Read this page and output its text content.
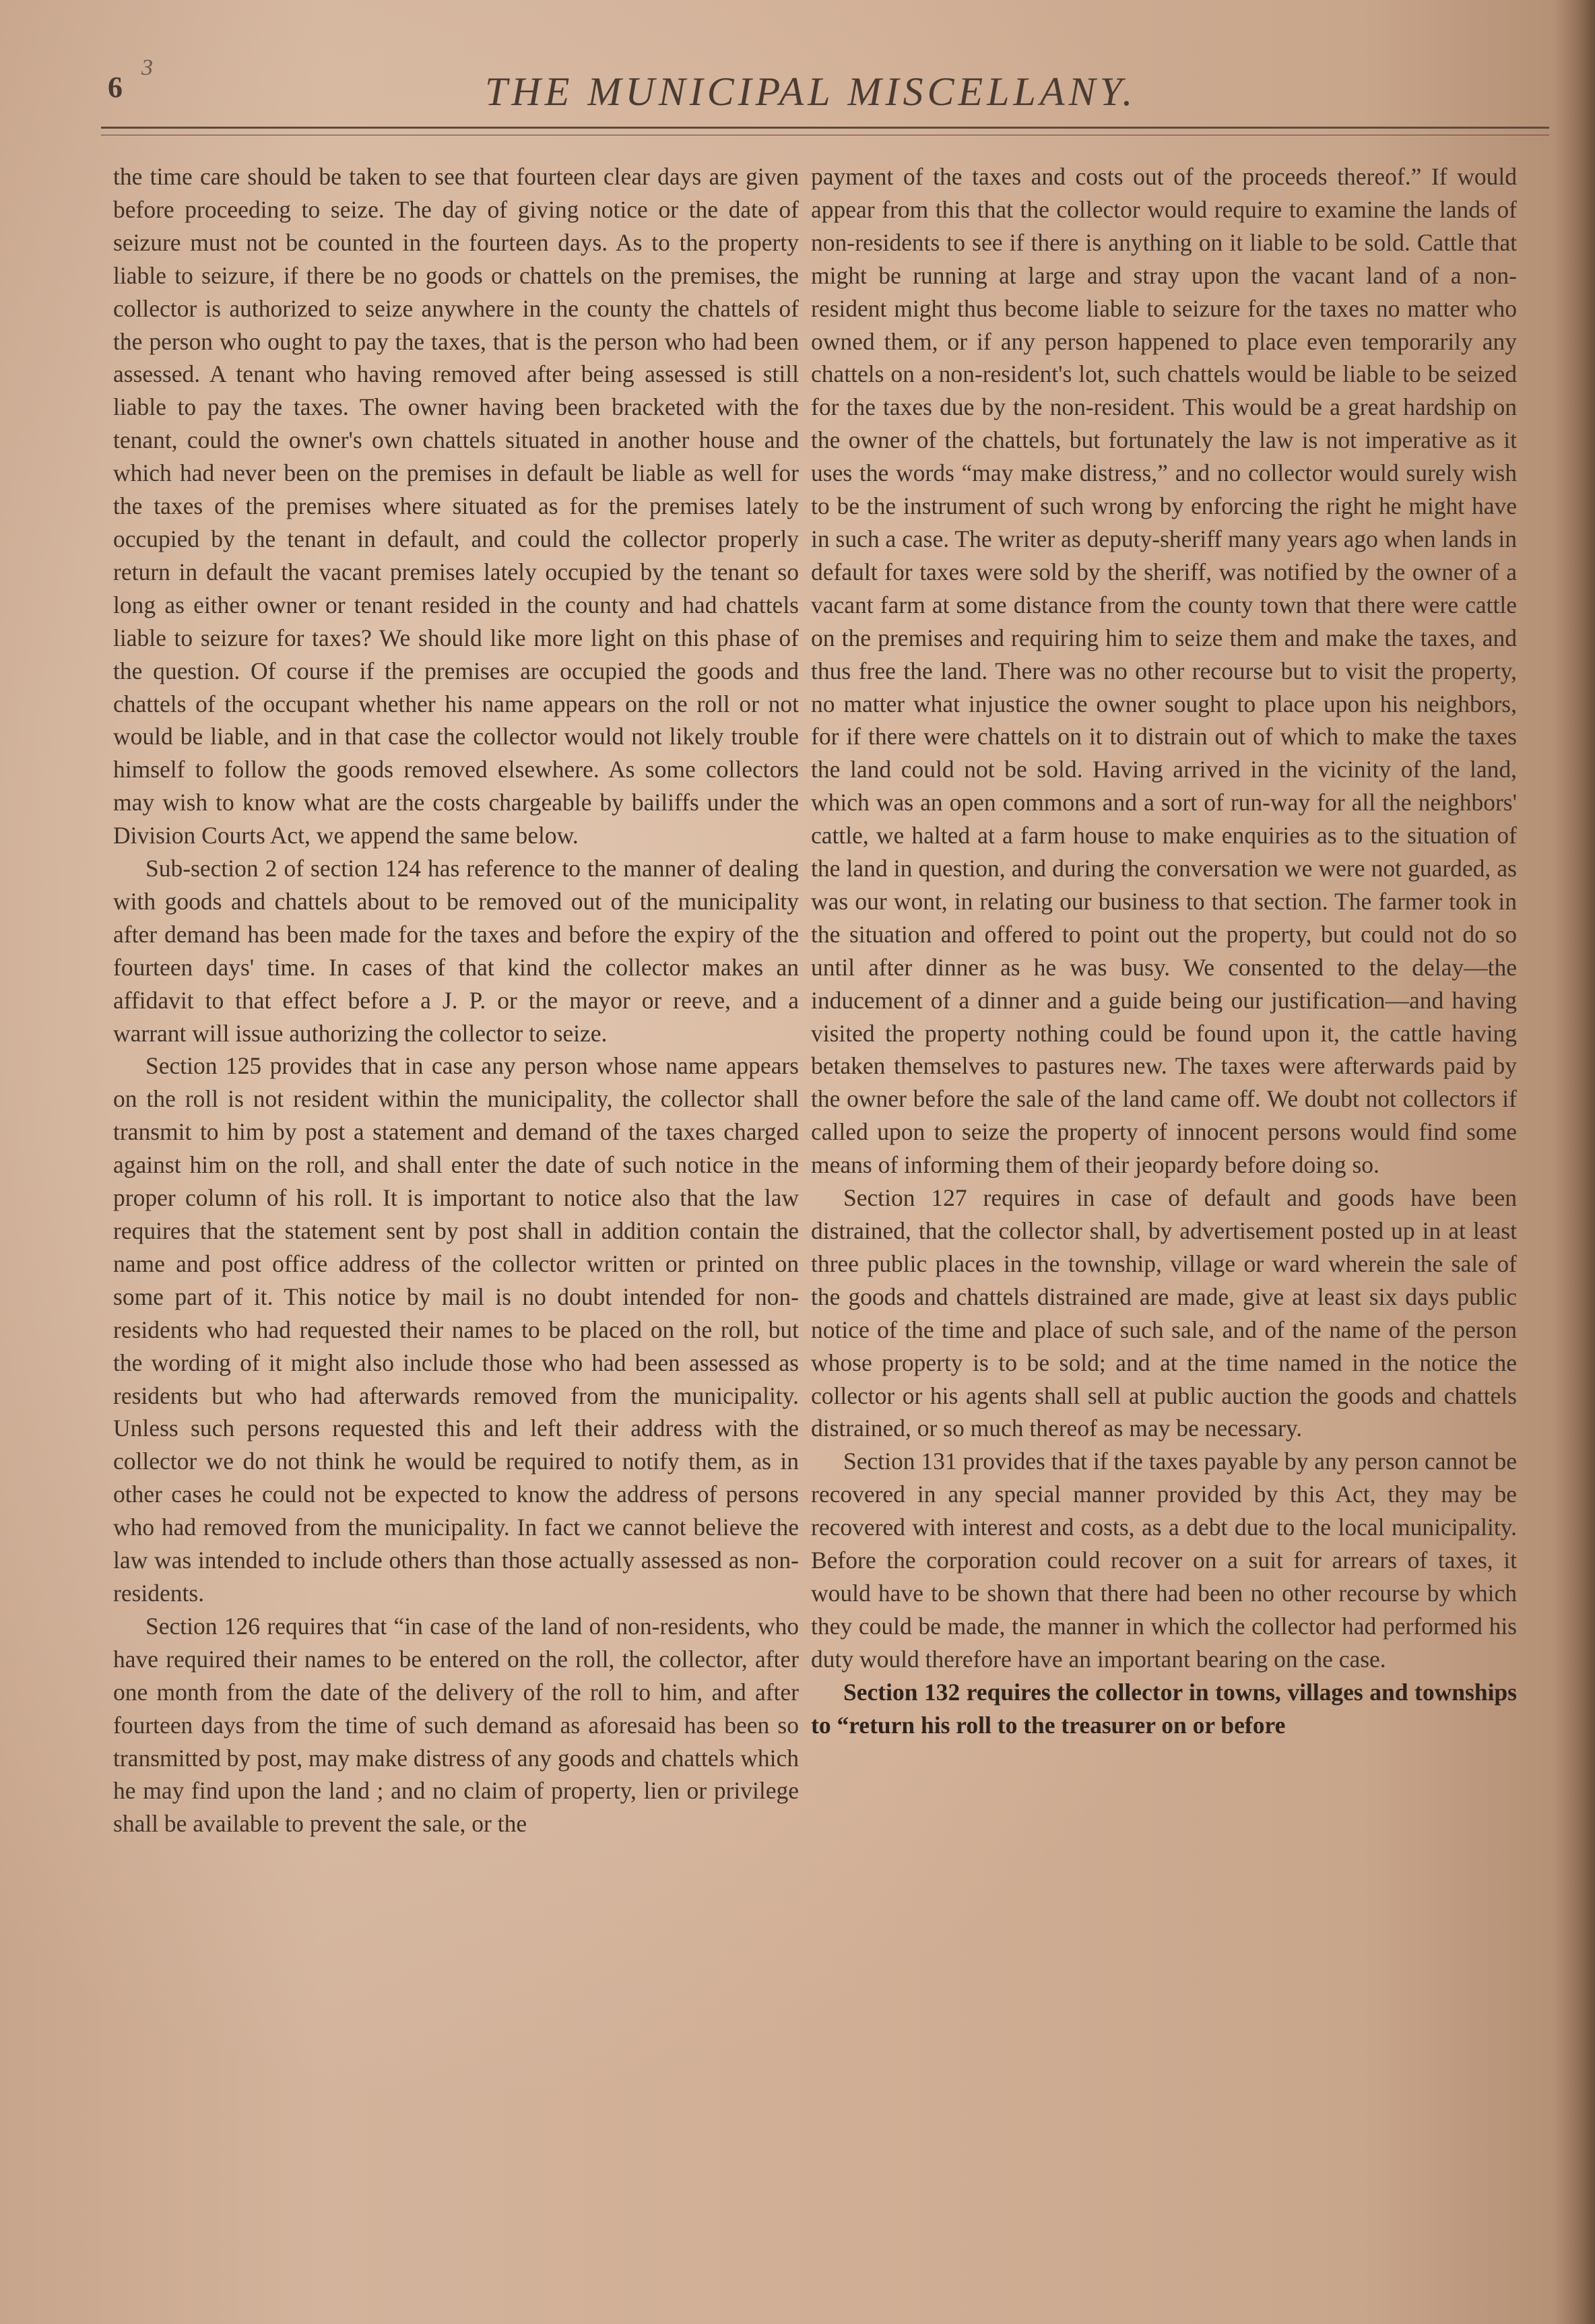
6
3
THE MUNICIPAL MISCELLANY.

the time care should be taken to see that fourteen clear days are given before proceeding to seize. The day of giving notice or the date of seizure must not be counted in the fourteen days. As to the property liable to seizure, if there be no goods or chattels on the premises, the collector is authorized to seize anywhere in the county the chattels of the person who ought to pay the taxes, that is the person who had been assessed. A tenant who having removed after being assessed is still liable to pay the taxes. The owner having been bracketed with the tenant, could the owner's own chattels situated in another house and which had never been on the premises in default be liable as well for the taxes of the premises where situated as for the premises lately occupied by the tenant in default, and could the collector properly return in default the vacant premises lately occupied by the tenant so long as either owner or tenant resided in the county and had chattels liable to seizure for taxes? We should like more light on this phase of the question. Of course if the premises are occupied the goods and chattels of the occupant whether his name appears on the roll or not would be liable, and in that case the collector would not likely trouble himself to follow the goods removed elsewhere. As some collectors may wish to know what are the costs chargeable by bailiffs under the Division Courts Act, we append the same below.

Sub-section 2 of section 124 has reference to the manner of dealing with goods and chattels about to be removed out of the municipality after demand has been made for the taxes and before the expiry of the fourteen days' time. In cases of that kind the collector makes an affidavit to that effect before a J. P. or the mayor or reeve, and a warrant will issue authorizing the collector to seize.

Section 125 provides that in case any person whose name appears on the roll is not resident within the municipality, the collector shall transmit to him by post a statement and demand of the taxes charged against him on the roll, and shall enter the date of such notice in the proper column of his roll. It is important to notice also that the law requires that the statement sent by post shall in addition contain the name and post office address of the collector written or printed on some part of it. This notice by mail is no doubt intended for non-residents who had requested their names to be placed on the roll, but the wording of it might also include those who had been assessed as residents but who had afterwards removed from the municipality. Unless such persons requested this and left their address with the collector we do not think he would be required to notify them, as in other cases he could not be expected to know the address of persons who had removed from the municipality. In fact we cannot believe the law was intended to include others than those actually assessed as non-residents.

Section 126 requires that “in case of the land of non-residents, who have required their names to be entered on the roll, the collector, after one month from the date of the delivery of the roll to him, and after fourteen days from the time of such demand as aforesaid has been so transmitted by post, may make distress of any goods and chattels which he may find upon the land ; and no claim of property, lien or privilege shall be available to prevent the sale, or the

payment of the taxes and costs out of the proceeds thereof.” If would appear from this that the collector would require to examine the lands of non-residents to see if there is anything on it liable to be sold. Cattle that might be running at large and stray upon the vacant land of a non-resident might thus become liable to seizure for the taxes no matter who owned them, or if any person happened to place even temporarily any chattels on a non-resident's lot, such chattels would be liable to be seized for the taxes due by the non-resident. This would be a great hardship on the owner of the chattels, but fortunately the law is not imperative as it uses the words “may make distress,” and no collector would surely wish to be the instrument of such wrong by enforcing the right he might have in such a case. The writer as deputy-sheriff many years ago when lands in default for taxes were sold by the sheriff, was notified by the owner of a vacant farm at some distance from the county town that there were cattle on the premises and requiring him to seize them and make the taxes, and thus free the land. There was no other recourse but to visit the property, no matter what injustice the owner sought to place upon his neighbors, for if there were chattels on it to distrain out of which to make the taxes the land could not be sold. Having arrived in the vicinity of the land, which was an open commons and a sort of run-way for all the neighbors' cattle, we halted at a farm house to make enquiries as to the situation of the land in question, and during the conversation we were not guarded, as was our wont, in relating our business to that section. The farmer took in the situation and offered to point out the property, but could not do so until after dinner as he was busy. We consented to the delay—the inducement of a dinner and a guide being our justification—and having visited the property nothing could be found upon it, the cattle having betaken themselves to pastures new. The taxes were afterwards paid by the owner before the sale of the land came off. We doubt not collectors if called upon to seize the property of innocent persons would find some means of informing them of their jeopardy before doing so.

Section 127 requires in case of default and goods have been distrained, that the collector shall, by advertisement posted up in at least three public places in the township, village or ward wherein the sale of the goods and chattels distrained are made, give at least six days public notice of the time and place of such sale, and of the name of the person whose property is to be sold; and at the time named in the notice the collector or his agents shall sell at public auction the goods and chattels distrained, or so much thereof as may be necessary.

Section 131 provides that if the taxes payable by any person cannot be recovered in any special manner provided by this Act, they may be recovered with interest and costs, as a debt due to the local municipality. Before the corporation could recover on a suit for arrears of taxes, it would have to be shown that there had been no other recourse by which they could be made, the manner in which the collector had performed his duty would therefore have an important bearing on the case.

Section 132 requires the collector in towns, villages and townships to “return his roll to the treasurer on or before
